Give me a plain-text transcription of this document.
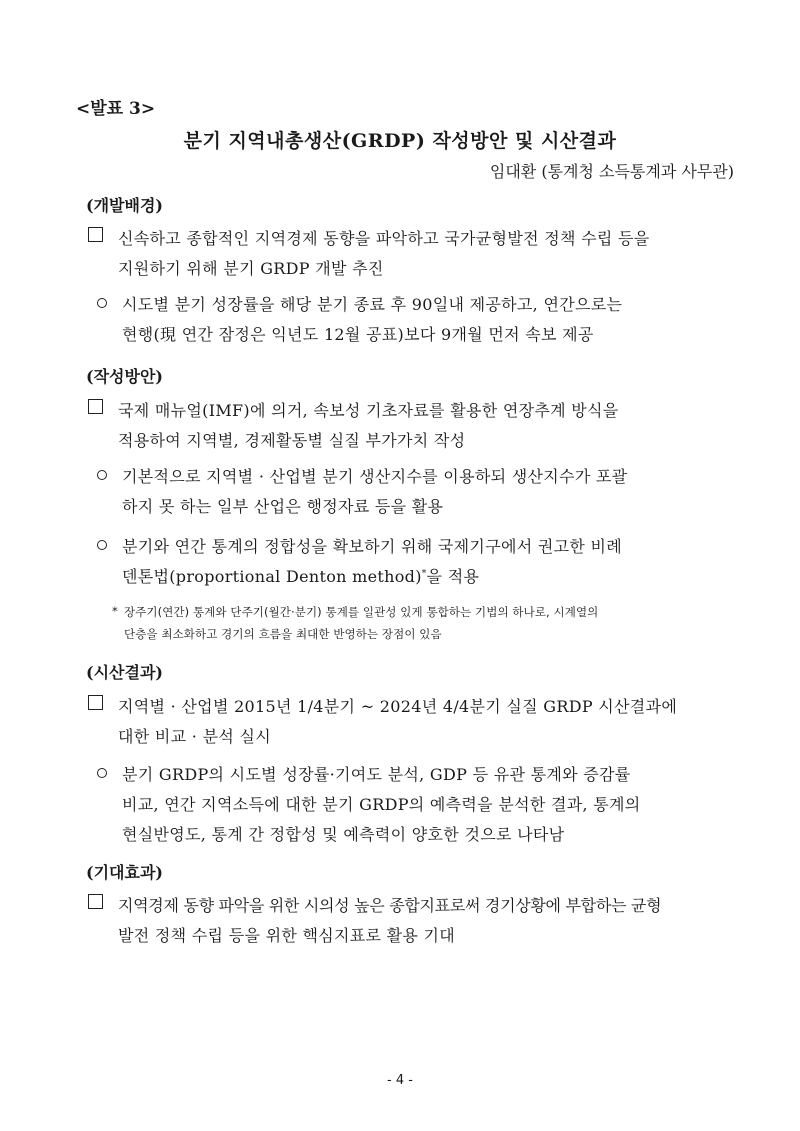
<발표 3>
분기 지역내총생산(GRDP) 작성방안 및 시산결과
임대환 (통계청 소득통계과 사무관)
(개발배경)
신속하고 종합적인 지역경제 동향을 파악하고 국가균형발전 정책 수립 등을
지원하기 위해 분기 GRDP 개발 추진
시도별 분기 성장률을 해당 분기 종료 후 90일내 제공하고, 연간으로는
현행(現 연간 잠정은 익년도 12월 공표)보다 9개월 먼저 속보 제공
(작성방안)
국제 매뉴얼(IMF)에 의거, 속보성 기초자료를 활용한 연장추계 방식을
적용하여 지역별, 경제활동별 실질 부가가치 작성
기본적으로 지역별 · 산업별 분기 생산지수를 이용하되 생산지수가 포괄
하지 못 하는 일부 산업은 행정자료 등을 활용
분기와 연간 통계의 정합성을 확보하기 위해 국제기구에서 권고한 비례
덴톤법(proportional Denton method)*을 적용
* 장주기(연간) 통계와 단주기(월간·분기) 통계를 일관성 있게 통합하는 기법의 하나로, 시계열의
단층을 최소화하고 경기의 흐름을 최대한 반영하는 장점이 있음
(시산결과)
지역별 · 산업별 2015년 1/4분기 ~ 2024년 4/4분기 실질 GRDP 시산결과에
대한 비교 · 분석 실시
분기 GRDP의 시도별 성장률·기여도 분석, GDP 등 유관 통계와 증감률
비교, 연간 지역소득에 대한 분기 GRDP의 예측력을 분석한 결과, 통계의
현실반영도, 통계 간 정합성 및 예측력이 양호한 것으로 나타남
(기대효과)
지역경제 동향 파악을 위한 시의성 높은 종합지표로써 경기상황에 부합하는 균형
발전 정책 수립 등을 위한 핵심지표로 활용 기대
- 4 -
